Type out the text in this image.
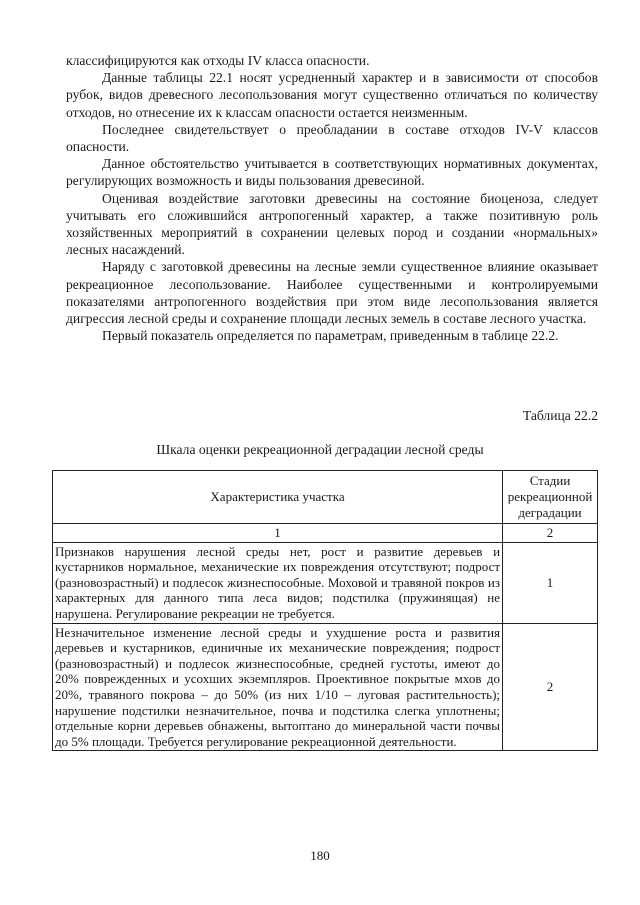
классифицируются как отходы IV класса опасности.

Данные таблицы 22.1 носят усредненный характер и в зависимости от способов рубок, видов древесного лесопользования могут существенно отличаться по количеству отходов, но отнесение их к классам опасности остается неизменным.

Последнее свидетельствует о преобладании в составе отходов IV-V классов опасности.

Данное обстоятельство учитывается в соответствующих нормативных документах, регулирующих возможность и виды пользования древесиной.

Оценивая воздействие заготовки древесины на состояние биоценоза, следует учитывать его сложившийся антропогенный характер, а также позитивную роль хозяйственных мероприятий в сохранении целевых пород и создании «нормальных» лесных насаждений.

Наряду с заготовкой древесины на лесные земли существенное влияние оказывает рекреационное лесопользование. Наиболее существенными и контролируемыми показателями антропогенного воздействия при этом виде лесопользования является дигрессия лесной среды и сохранение площади лесных земель в составе лесного участка.

Первый показатель определяется по параметрам, приведенным в таблице 22.2.

Таблица 22.2
Шкала оценки рекреационной деградации лесной среды
Характеристика участка	Стадии рекреационной деградации
1	2
Признаков нарушения лесной среды нет, рост и развитие деревьев и кустарников нормальное, механические их повреждения отсутствуют; подрост (разновозрастный) и подлесок жизнеспособные. Моховой и травяной покров из характерных для данного типа леса видов; подстилка (пружинящая) не нарушена. Регулирование рекреации не требуется.	1
Незначительное изменение лесной среды и ухудшение роста и развития деревьев и кустарников, единичные их механические повреждения; подрост (разновозрастный) и подлесок жизнеспособные, средней густоты, имеют до 20% поврежденных и усохших экземпляров. Проективное покрытые мхов до 20%, травяного покрова – до 50% (из них 1/10 – луговая растительность); нарушение подстилки незначительное, почва и подстилка слегка уплотнены; отдельные корни деревьев обнажены, вытоптано до минеральной части почвы до 5% площади. Требуется регулирование рекреационной деятельности.	2
180
